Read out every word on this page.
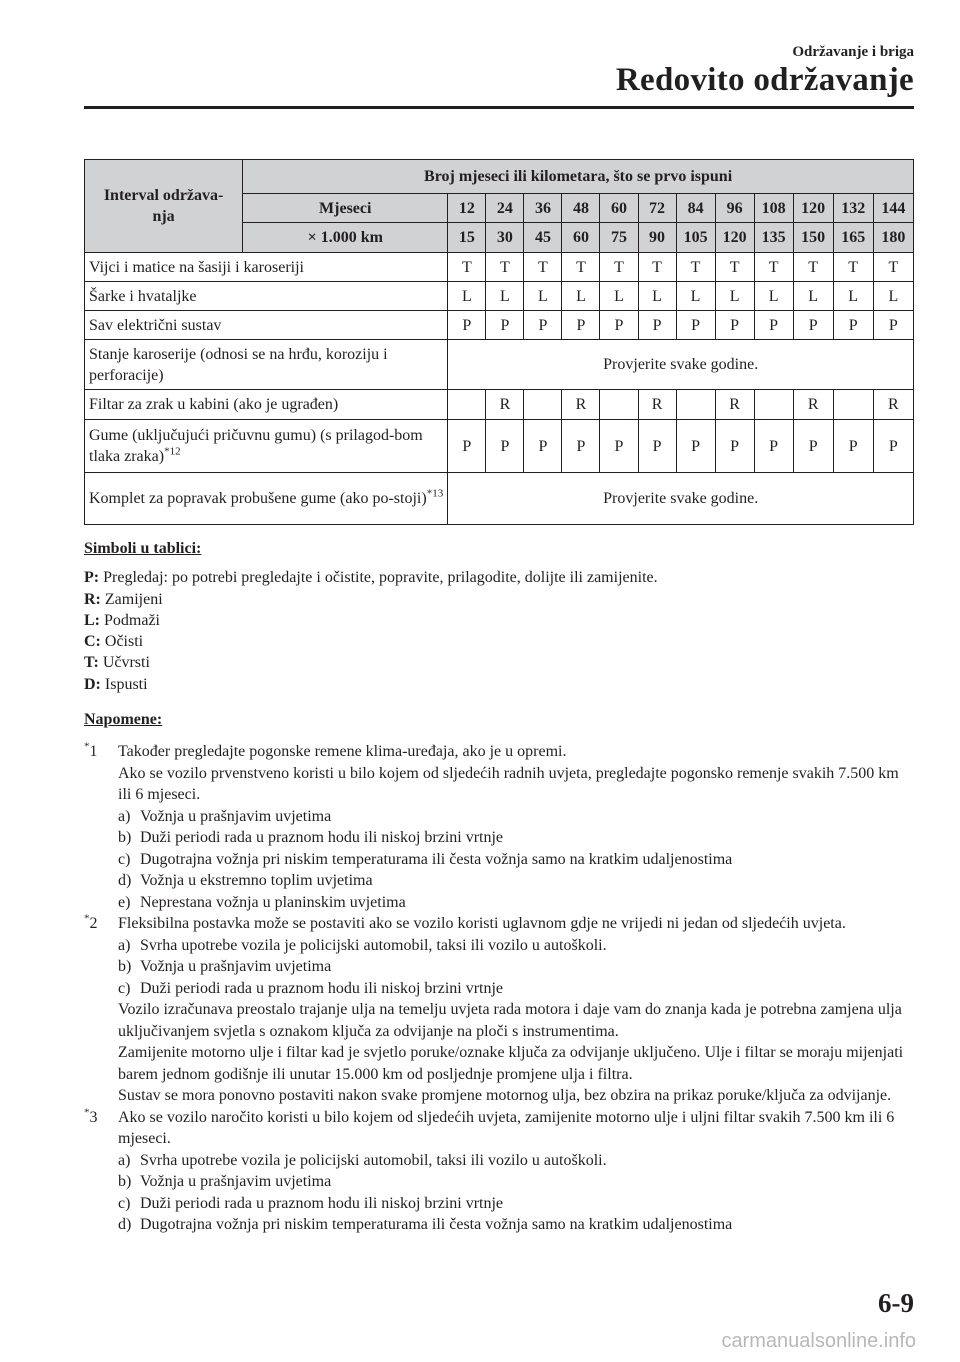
Održavanje i briga
Redovito održavanje
Interval održava-
nja	Broj mjeseci ili kilometara, što se prvo ispuni												
	Mjeseci	12	24	36	48	60	72	84	96	108	120	132	144
	× 1.000 km	15	30	45	60	75	90	105	120	135	150	165	180
Vijci i matice na šasiji i karoseriji		T	T	T	T	T	T	T	T	T	T	T	T
Šarke i hvataljke		L	L	L	L	L	L	L	L	L	L	L	L
Sav električni sustav		P	P	P	P	P	P	P	P	P	P	P	P
Stanje karoserije (odnosi se na hrđu, koroziju i perforacije)		Provjerite svake godine.											
Filtar za zrak u kabini (ako je ugrađen)			R		R		R		R		R		R
Gume (uključujući pričuvnu gumu) (s prilagod-bom tlaka zraka)$^{*12}$		P	P	P	P	P	P	P	P	P	P	P	P
Komplet za popravak probušene gume (ako po-stoji)$^{*13}$		Provjerite svake godine.											
Simboli u tablici:
P: Pregledaj: po potrebi pregledajte i očistite, popravite, prilagodite, dolijte ili zamijenite.
R: Zamijeni
L: Podmaži
C: Očisti
T: Učvrsti
D: Ispusti
Napomene:
*1 Također pregledajte pogonske remene klima-uređaja, ako je u opremi.
Ako se vozilo prvenstveno koristi u bilo kojem od sljedećih radnih uvjeta, pregledajte pogonsko remenje svakih 7.500 km ili 6 mjeseci.
a) Vožnja u prašnjavim uvjetima
b) Duži periodi rada u praznom hodu ili niskoj brzini vrtnje
c) Dugotrajna vožnja pri niskim temperaturama ili česta vožnja samo na kratkim udaljenostima
d) Vožnja u ekstremno toplim uvjetima
e) Neprestana vožnja u planinskim uvjetima
*2 Fleksibilna postavka može se postaviti ako se vozilo koristi uglavnom gdje ne vrijedi ni jedan od sljedećih uvjeta.
a) Svrha upotrebe vozila je policijski automobil, taksi ili vozilo u autoškoli.
b) Vožnja u prašnjavim uvjetima
c) Duži periodi rada u praznom hodu ili niskoj brzini vrtnje
Vozilo izračunava preostalo trajanje ulja na temelju uvjeta rada motora i daje vam do znanja kada je potrebna zamjena ulja uključivanjem svjetla s oznakom ključa za odvijanje na ploči s instrumentima.
Zamijenite motorno ulje i filtar kad je svjetlo poruke/oznake ključa za odvijanje uključeno. Ulje i filtar se moraju mijenjati barem jednom godišnje ili unutar 15.000 km od posljednje promjene ulja i filtra.
Sustav se mora ponovno postaviti nakon svake promjene motornog ulja, bez obzira na prikaz poruke/ključa za odvijanje.
*3 Ako se vozilo naročito koristi u bilo kojem od sljedećih uvjeta, zamijenite motorno ulje i uljni filtar svakih 7.500 km ili 6 mjeseci.
a) Svrha upotrebe vozila je policijski automobil, taksi ili vozilo u autoškoli.
b) Vožnja u prašnjavim uvjetima
c) Duži periodi rada u praznom hodu ili niskoj brzini vrtnje
d) Dugotrajna vožnja pri niskim temperaturama ili česta vožnja samo na kratkim udaljenostima
6-9
carmanualsonline.info
